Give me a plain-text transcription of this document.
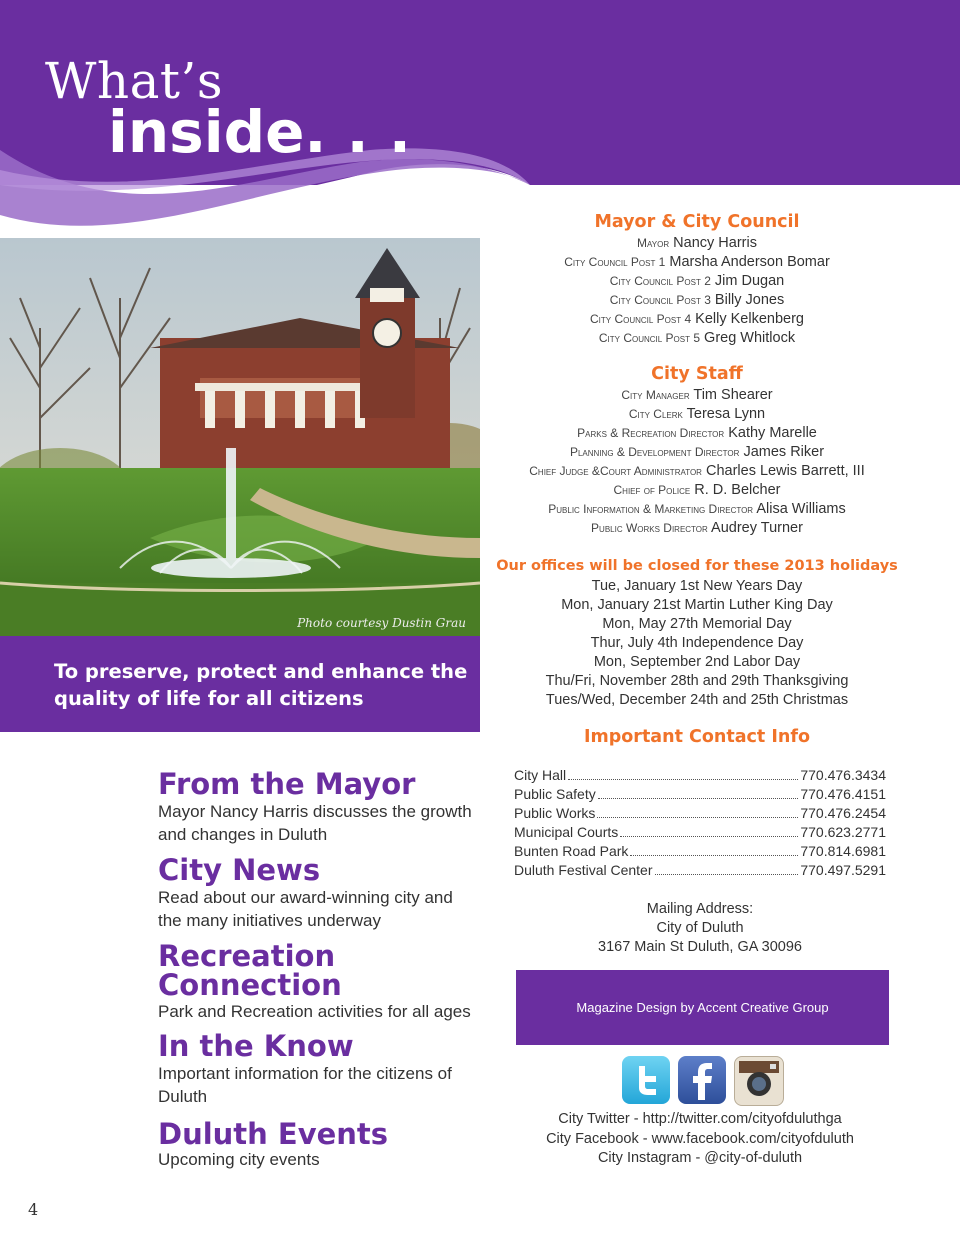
What’s
inside. . .
Photo courtesy Dustin Grau
To preserve, protect and enhance the quality of life for all citizens
From the Mayor
Mayor Nancy Harris discusses the growth and changes in Duluth
City News
Read about our award-winning city and the many initiatives underway
Recreation Connection
Park and Recreation activities for all ages
In the Know
Important information for the citizens of Duluth
Duluth Events
Upcoming city events
Mayor & City Council
Mayor Nancy Harris
City Council Post 1 Marsha Anderson Bomar
City Council Post 2 Jim Dugan
City Council Post 3 Billy Jones
City Council Post 4 Kelly Kelkenberg
City Council Post 5 Greg Whitlock
City Staff
City Manager Tim Shearer
City Clerk Teresa Lynn
Parks & Recreation Director Kathy Marelle
Planning & Development Director James Riker
Chief Judge &Court Administrator Charles Lewis Barrett, III
Chief of Police R. D. Belcher
Public Information & Marketing Director Alisa Williams
Public Works Director Audrey Turner
Our offices will be closed for these 2013 holidays
Tue, January 1st New Years Day
Mon, January 21st Martin Luther King Day
Mon, May 27th Memorial Day
Thur, July 4th Independence Day
Mon, September 2nd Labor Day
Thu/Fri, November 28th and 29th Thanksgiving
Tues/Wed, December 24th and 25th Christmas
Important Contact Info
City Hall	770.476.3434
Public Safety	770.476.4151
Public Works	770.476.2454
Municipal Courts	770.623.2771
Bunten Road Park	770.814.6981
Duluth Festival Center	770.497.5291
Mailing Address:
City of Duluth
3167 Main St Duluth, GA 30096
Magazine Design by Accent Creative Group
City Twitter - http://twitter.com/cityofduluthga
City Facebook - www.facebook.com/cityofduluth
City Instagram - @city-of-duluth
4
